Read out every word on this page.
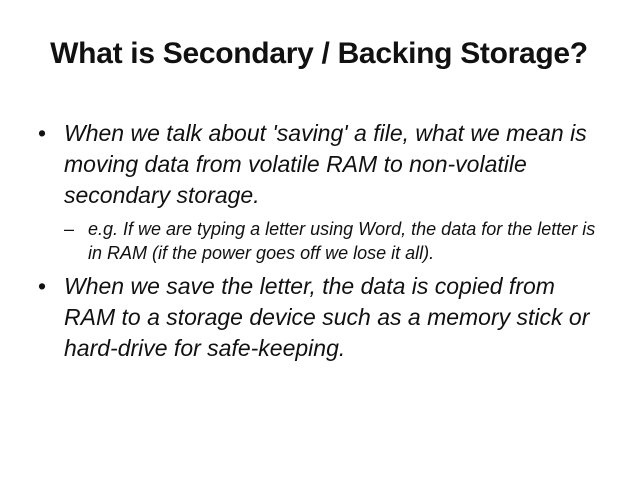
What is Secondary / Backing Storage?
• When we talk about 'saving' a file, what we mean is moving data from volatile RAM to non-volatile secondary storage.
– e.g. If we are typing a letter using Word, the data for the letter is in RAM (if the power goes off we lose it all).
• When we save the letter, the data is copied from RAM to a storage device such as a memory stick or hard-drive for safe-keeping.
